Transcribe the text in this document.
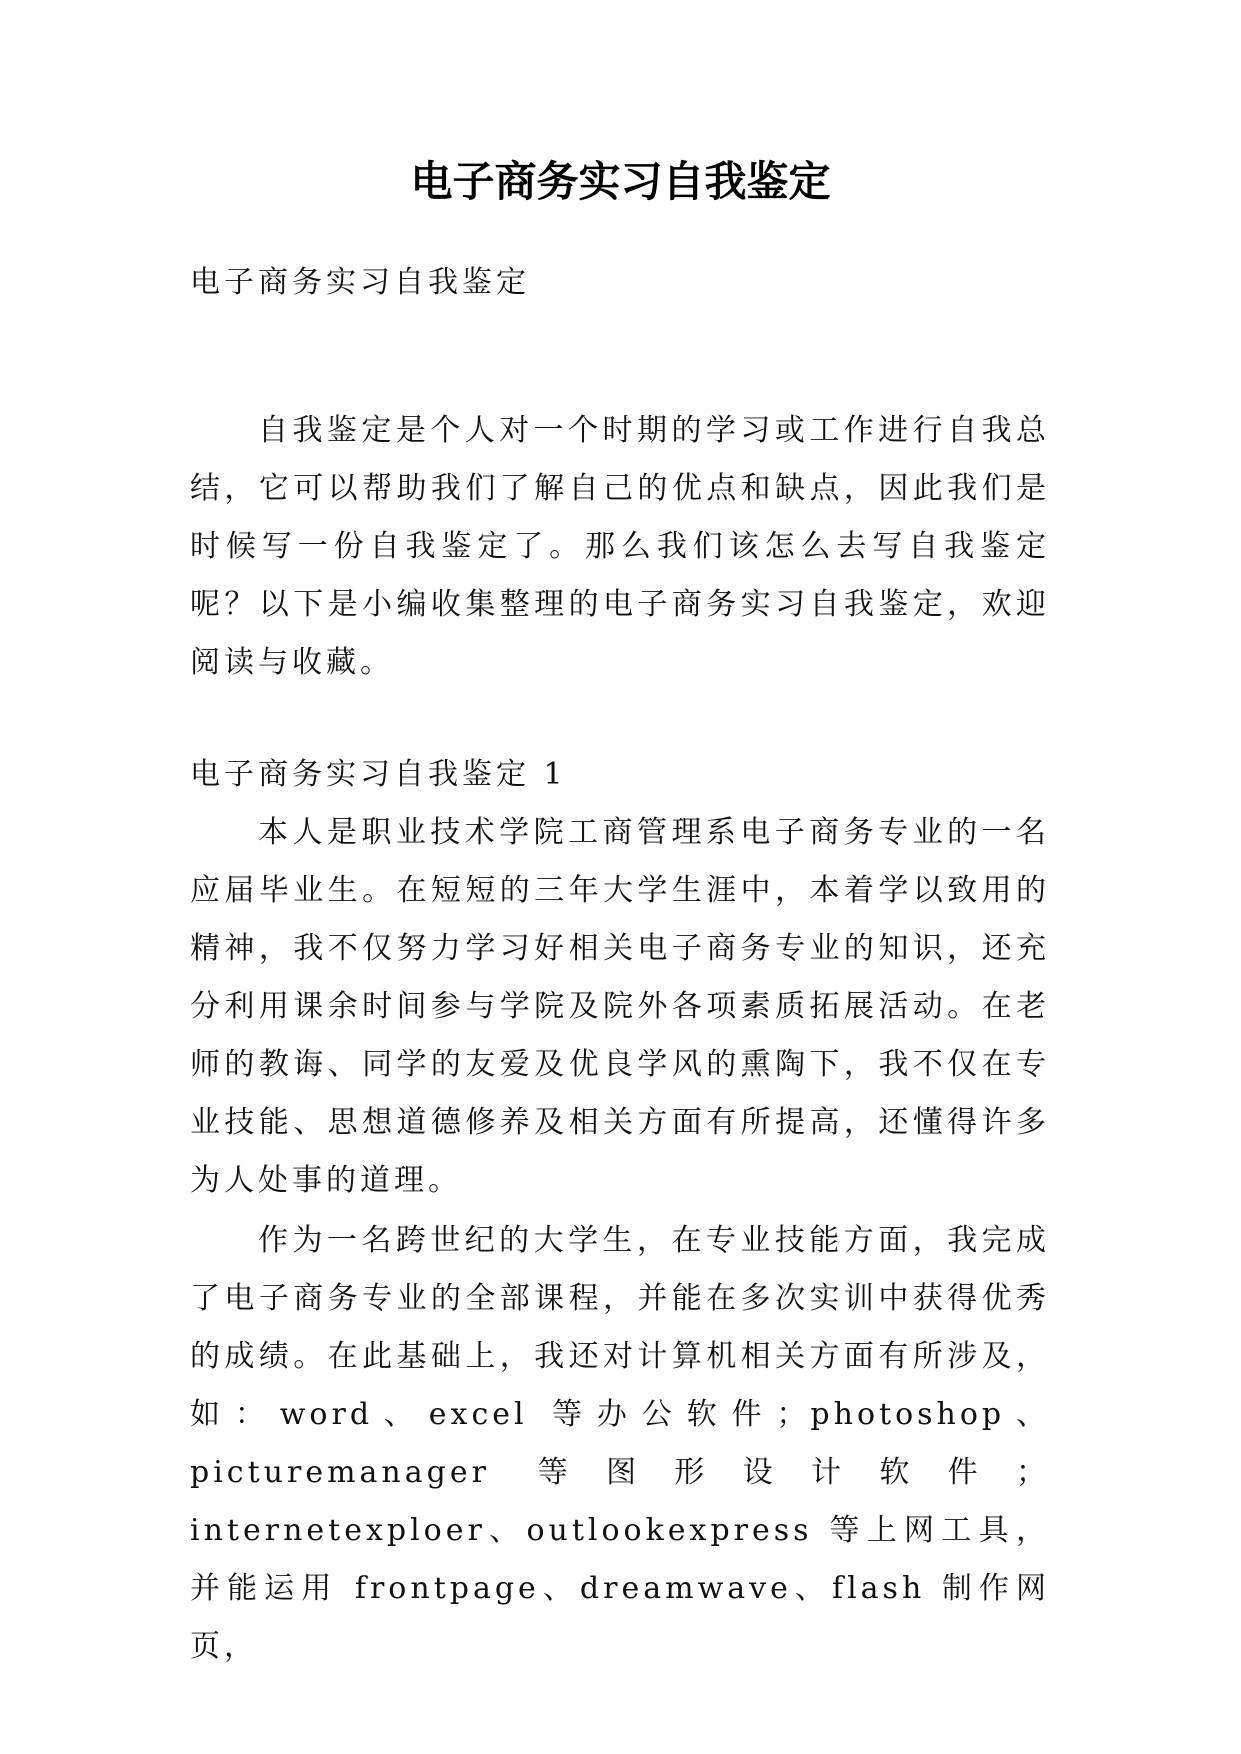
电子商务实习自我鉴定

电子商务实习自我鉴定

自我鉴定是个人对一个时期的学习或工作进行自我总结，它可以帮助我们了解自己的优点和缺点，因此我们是时候写一份自我鉴定了。那么我们该怎么去写自我鉴定呢？以下是小编收集整理的电子商务实习自我鉴定，欢迎阅读与收藏。

电子商务实习自我鉴定 1

本人是职业技术学院工商管理系电子商务专业的一名应届毕业生。在短短的三年大学生涯中，本着学以致用的精神，我不仅努力学习好相关电子商务专业的知识，还充分利用课余时间参与学院及院外各项素质拓展活动。在老师的教诲、同学的友爱及优良学风的熏陶下，我不仅在专业技能、思想道德修养及相关方面有所提高，还懂得许多为人处事的道理。

作为一名跨世纪的大学生，在专业技能方面，我完成了电子商务专业的全部课程，并能在多次实训中获得优秀的成绩。在此基础上，我还对计算机相关方面有所涉及，如：word、excel 等办公软件；photoshop、picturemanager 等图形设计软件；internetexploer、outlookexpress 等上网工具，并能运用 frontpage、dreamwave、flash 制作网页，
